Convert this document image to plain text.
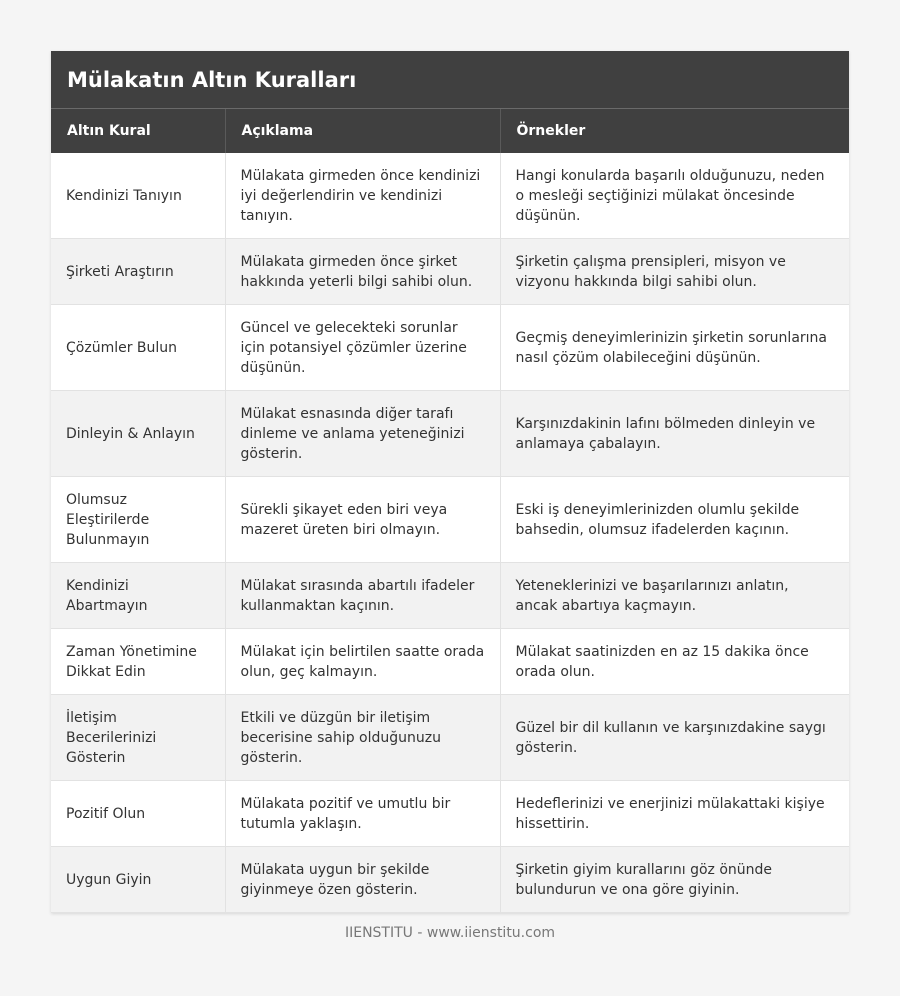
Mülakatın Altın Kuralları
Altın Kural	Açıklama	Örnekler
Kendinizi Tanıyın	Mülakata girmeden önce kendinizi iyi değerlendirin ve kendinizi tanıyın.	Hangi konularda başarılı olduğunuzu, neden o mesleği seçtiğinizi mülakat öncesinde düşünün.
Şirketi Araştırın	Mülakata girmeden önce şirket hakkında yeterli bilgi sahibi olun.	Şirketin çalışma prensipleri, misyon ve vizyonu hakkında bilgi sahibi olun.
Çözümler Bulun	Güncel ve gelecekteki sorunlar için potansiyel çözümler üzerine düşünün.	Geçmiş deneyimlerinizin şirketin sorunlarına nasıl çözüm olabileceğini düşünün.
Dinleyin & Anlayın	Mülakat esnasında diğer tarafı dinleme ve anlama yeteneğinizi gösterin.	Karşınızdakinin lafını bölmeden dinleyin ve anlamaya çabalayın.
Olumsuz Eleştirilerde Bulunmayın	Sürekli şikayet eden biri veya mazeret üreten biri olmayın.	Eski iş deneyimlerinizden olumlu şekilde bahsedin, olumsuz ifadelerden kaçının.
Kendinizi Abartmayın	Mülakat sırasında abartılı ifadeler kullanmaktan kaçının.	Yeteneklerinizi ve başarılarınızı anlatın, ancak abartıya kaçmayın.
Zaman Yönetimine Dikkat Edin	Mülakat için belirtilen saatte orada olun, geç kalmayın.	Mülakat saatinizden en az 15 dakika önce orada olun.
İletişim Becerilerinizi Gösterin	Etkili ve düzgün bir iletişim becerisine sahip olduğunuzu gösterin.	Güzel bir dil kullanın ve karşınızdakine saygı gösterin.
Pozitif Olun	Mülakata pozitif ve umutlu bir tutumla yaklaşın.	Hedeflerinizi ve enerjinizi mülakattaki kişiye hissettirin.
Uygun Giyin	Mülakata uygun bir şekilde giyinmeye özen gösterin.	Şirketin giyim kurallarını göz önünde bulundurun ve ona göre giyinin.
IIENSTITU - www.iienstitu.com
